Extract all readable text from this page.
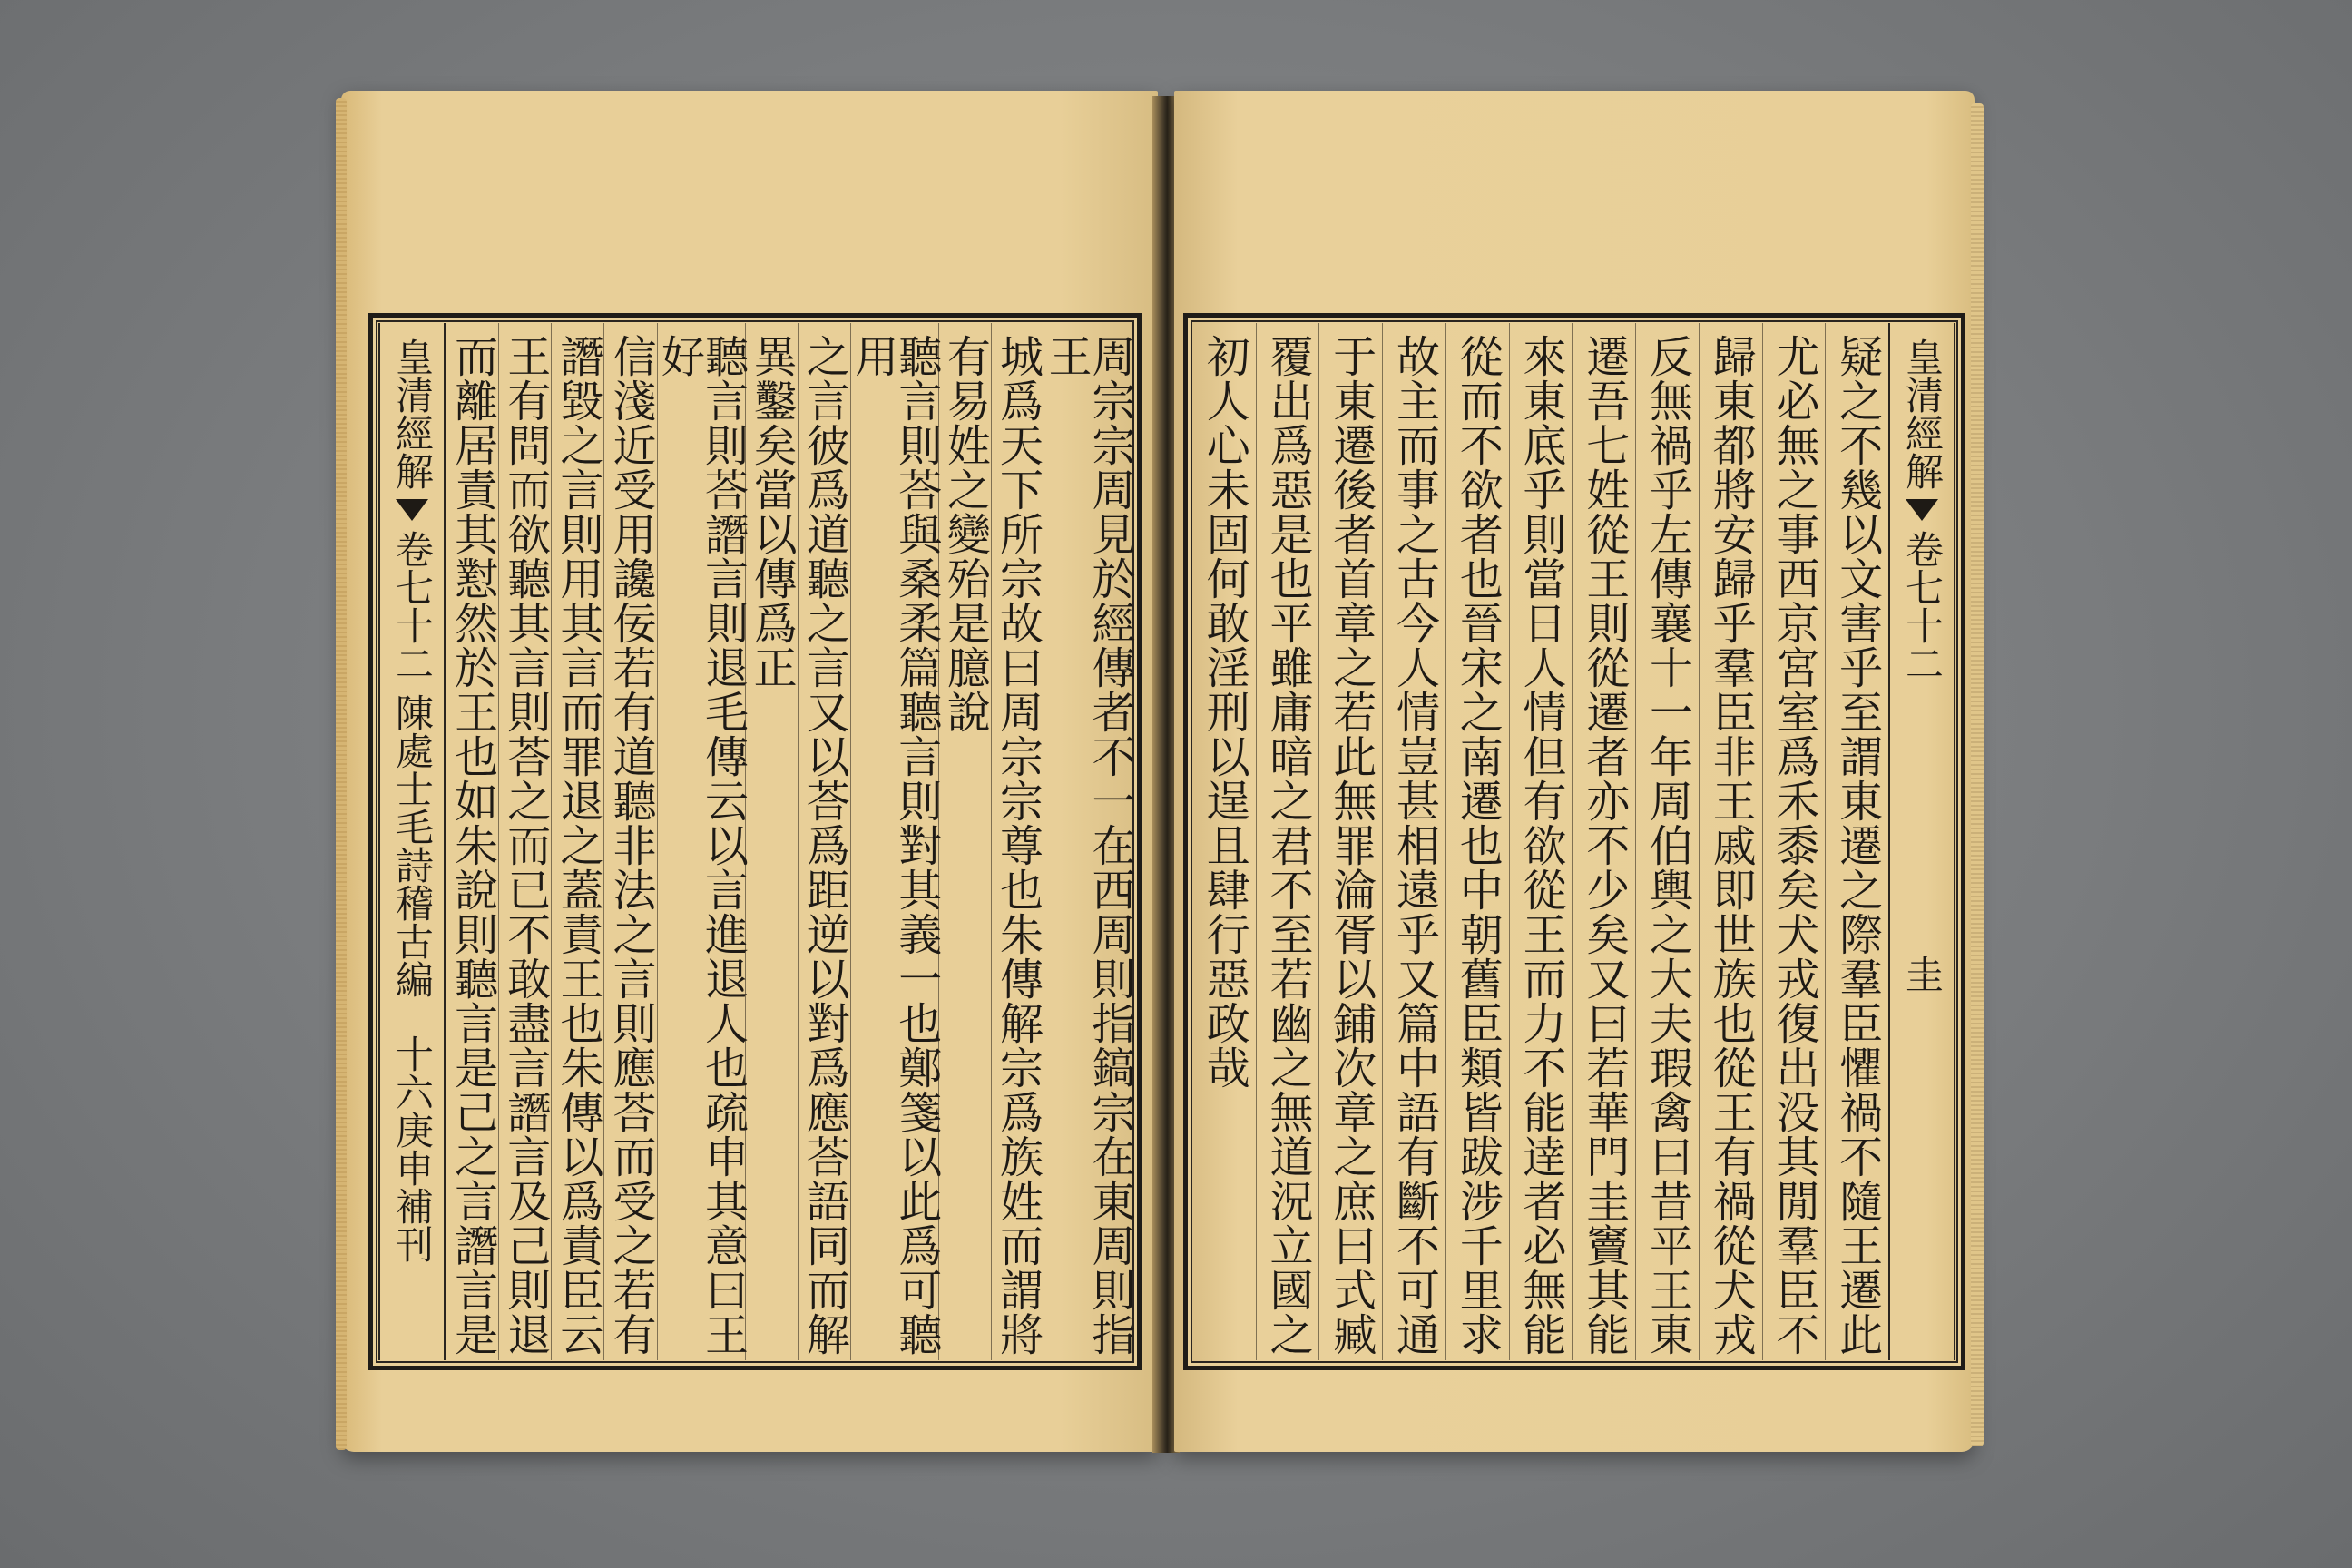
周宗宗周見於經傳者不一在西周則指鎬宗在東周則指王
城爲天下所宗故曰周宗宗尊也朱傳解宗爲族姓而謂將
有易姓之變殆是臆說
聽言則荅與桑柔篇聽言則對其義一也鄭箋以此爲可聽用
之言彼爲道聽之言又以荅爲距逆以對爲應荅語同而解
異鑿矣當以傳爲正
聽言則荅譖言則退毛傳云以言進退人也疏申其意曰王好
信淺近受用讒佞若有道聽非法之言則應荅而受之若有
譖毀之言則用其言而罪退之蓋責王也朱傳以爲責臣云
王有問而欲聽其言則荅之而已不敢盡言譖言及己則退
而離居責其懟然於王也如朱說則聽言是己之言譖言是
皇清經解
卷七十二
陳處士毛詩稽古編
十六
庚申補刊
皇清經解
卷七十二
圭
疑之不幾以文害乎至謂東遷之際羣臣懼禍不隨王遷此
尤必無之事西京宮室爲禾黍矣犬戎復出没其閒羣臣不
歸東都將安歸乎羣臣非王戚即世族也從王有禍從犬戎
反無禍乎左傳襄十一年周伯輿之大夫瑕禽曰昔平王東
遷吾七姓從王則從遷者亦不少矣又曰若華門圭竇其能
來東底乎則當日人情但有欲從王而力不能逹者必無能
從而不欲者也晉宋之南遷也中朝舊臣類皆跋涉千里求
故主而事之古今人情豈甚相遠乎又篇中語有斷不可通
于東遷後者首章之若此無罪淪胥以鋪次章之庶曰式臧
覆出爲惡是也平雖庸暗之君不至若幽之無道況立國之
初人心未固何敢淫刑以逞且肆行惡政哉
